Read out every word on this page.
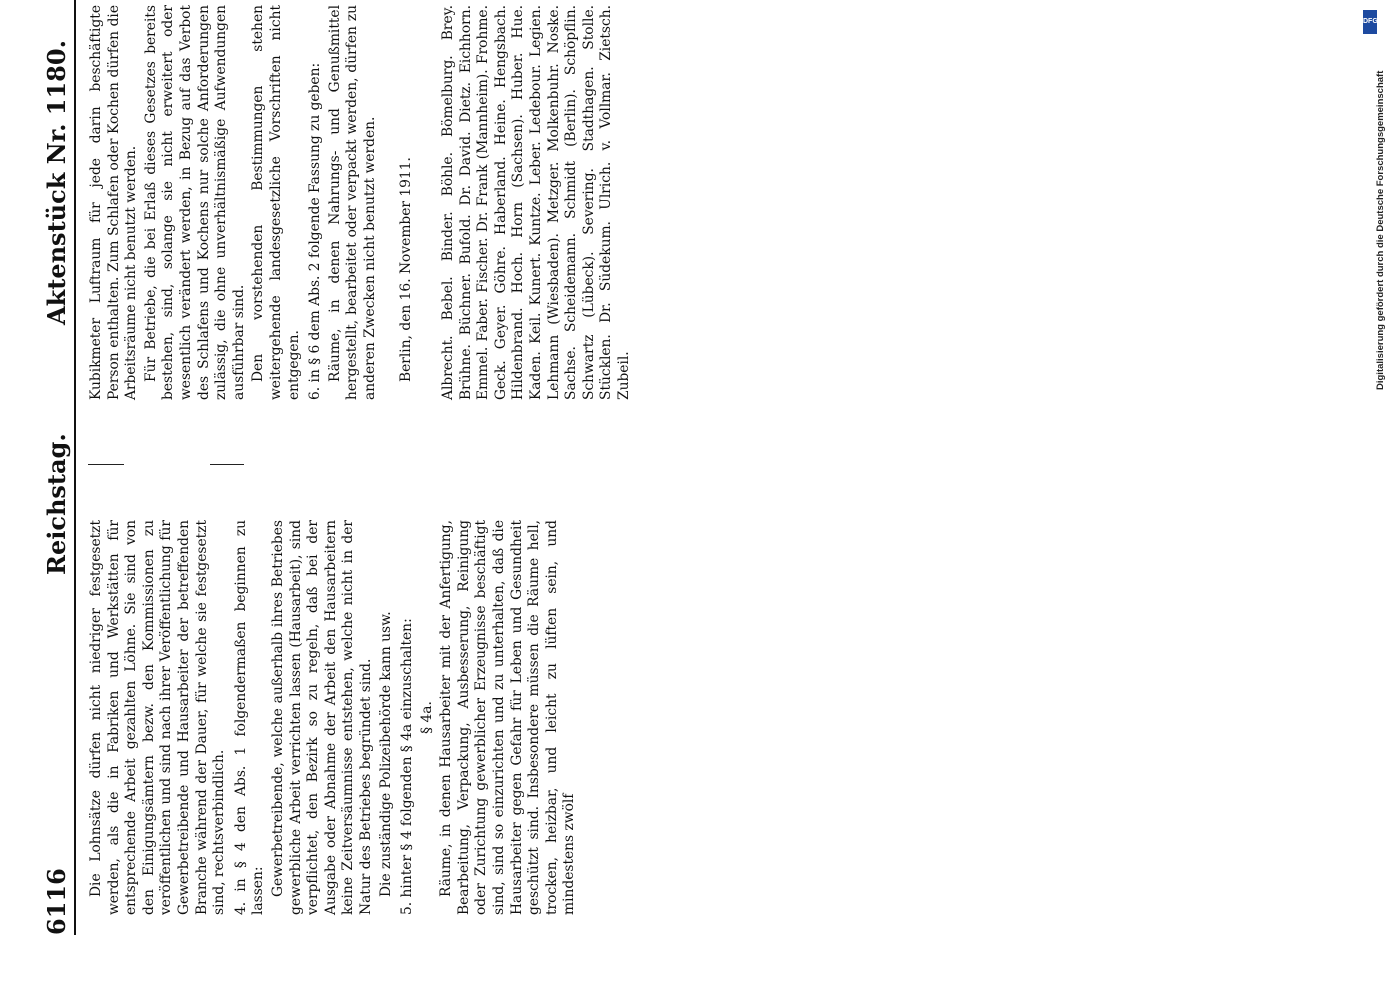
6116
Reichstag.
Aktenstück Nr. 1180.

Die Lohnsätze dürfen nicht niedriger festgesetzt werden, als die in Fabriken und Werkstätten für entsprechende Arbeit gezahlten Löhne. Sie sind von den Einigungsämtern bezw. den Kommissionen zu veröffentlichen und sind nach ihrer Veröffentlichung für Gewerbetreibende und Hausarbeiter der betreffenden Branche während der Dauer, für welche sie festgesetzt sind, rechtsverbindlich. 4. in § 4 den Abs. 1 folgendermaßen beginnen zu lassen: Gewerbetreibende, welche außerhalb ihres Betriebes gewerbliche Arbeit verrichten lassen (Hausarbeit), sind verpflichtet, den Bezirk so zu regeln, daß bei der Ausgabe oder Abnahme der Arbeit den Hausarbeitern keine Zeitversäumnisse entstehen, welche nicht in der Natur des Betriebes begründet sind. Die zuständige Polizeibehörde kann usw. 5. hinter § 4 folgenden § 4a einzuschalten: § 4a. Räume, in denen Hausarbeiter mit der Anfertigung, Bearbeitung, Verpackung, Ausbesserung, Reinigung oder Zurichtung gewerblicher Erzeugnisse beschäftigt sind, sind so einzurichten und zu unterhalten, daß die Hausarbeiter gegen Gefahr für Leben und Gesundheit geschützt sind. Insbesondere müssen die Räume hell, trocken, heizbar, und leicht zu lüften sein, und mindestens zwölf

Kubikmeter Luftraum für jede darin beschäftigte Person enthalten. Zum Schlafen oder Kochen dürfen die Arbeitsräume nicht benutzt werden. Für Betriebe, die bei Erlaß dieses Gesetzes bereits bestehen, sind, solange sie nicht erweitert oder wesentlich verändert werden, in Bezug auf das Verbot des Schlafens und Kochens nur solche Anforderungen zulässig, die ohne unverhältnismäßige Aufwendungen ausführbar sind. Den vorstehenden Bestimmungen stehen weitergehende landesgesetzliche Vorschriften nicht entgegen. 6. in § 6 dem Abs. 2 folgende Fassung zu geben: Räume, in denen Nahrungs- und Genußmittel hergestellt, bearbeitet oder verpackt werden, dürfen zu anderen Zwecken nicht benutzt werden. Berlin, den 16. November 1911. Albrecht. Bebel. Binder. Böhle. Bömelburg. Brey. Brühne. Büchner. Bufold. Dr. David. Dietz. Eichhorn. Emmel. Faber. Fischer. Dr. Frank (Mannheim). Frohme. Geck. Geyer. Göhre. Haberland. Heine. Hengsbach. Hildenbrand. Hoch. Horn (Sachsen). Huber. Hue. Kaden. Keil. Kunert. Kuntze. Leber. Ledebour. Legien. Lehmann (Wiesbaden). Metzger. Molkenbuhr. Noske. Sachse. Scheidemann. Schmidt (Berlin). Schöpflin. Schwartz (Lübeck). Severing. Stadthagen. Stolle. Stücklen. Dr. Südekum. Ulrich. v. Vollmar. Zietsch. Zubeil.
DFG
Digitalisierung gefördert durch die Deutsche Forschungsgemeinschaft
